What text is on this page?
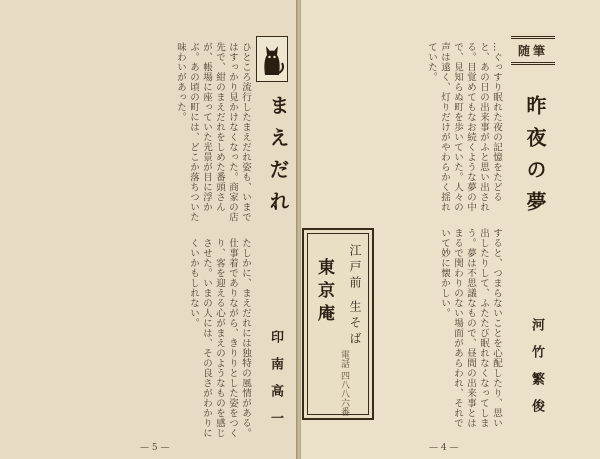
まえだれ
印南高一
ひところ流行したまえだれ姿も、いまではすっかり見かけなくなった。商家の店先で、紺のまえだれをしめた番頭さんが、帳場に座っていた光景が目に浮かぶ。あの頃の町には、どこか落ちついた味わいがあった。
たしかに、まえだれには独特の風情がある。仕事着でありながら、きりりとした姿をつくり、客を迎える心がまえのようなものを感じさせた。いまの人には、その良さがわかりにくいかもしれない。
— 5 —
随筆
昨夜の夢
河竹繁俊
…ぐっすり眠れた夜の記憶をたどると、あの日の出来事がふと思い出される。目覚めてもなお続くような夢の中で、見知らぬ町を歩いていた。人々の声は遠く、灯りだけがやわらかく揺れていた。
すると、つまらないことを心配したり、思い出したりして、ふたたび眠れなくなってしまう。夢は不思議なもので、昼間の出来事とはまるで関わりのない場面があらわれ、それでいて妙に懐かしい。
— 4 —
江戸前 生そば
東京庵
電話 四八八六番
